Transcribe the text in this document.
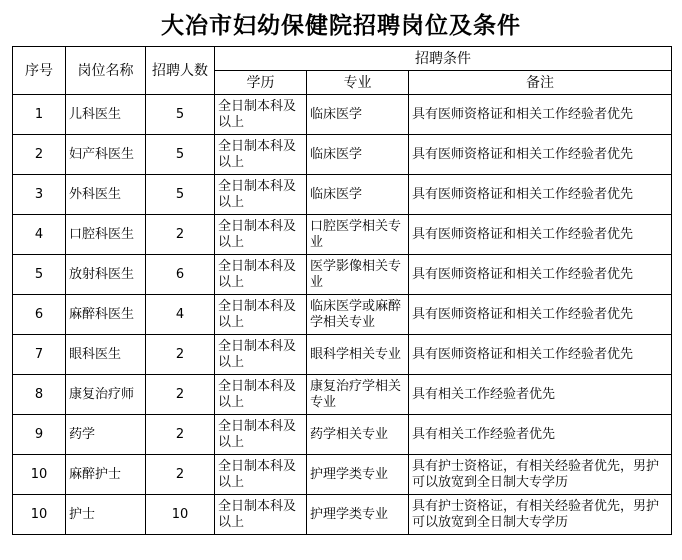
大冶市妇幼保健院招聘岗位及条件
序号	岗位名称	招聘人数	招聘条件		
			学历	专业	备注
1	儿科医生	5	全日制本科及以上	临床医学	具有医师资格证和相关工作经验者优先
2	妇产科医生	5	全日制本科及以上	临床医学	具有医师资格证和相关工作经验者优先
3	外科医生	5	全日制本科及以上	临床医学	具有医师资格证和相关工作经验者优先
4	口腔科医生	2	全日制本科及以上	口腔医学相关专业	具有医师资格证和相关工作经验者优先
5	放射科医生	6	全日制本科及以上	医学影像相关专业	具有医师资格证和相关工作经验者优先
6	麻醉科医生	4	全日制本科及以上	临床医学或麻醉学相关专业	具有医师资格证和相关工作经验者优先
7	眼科医生	2	全日制本科及以上	眼科学相关专业	具有医师资格证和相关工作经验者优先
8	康复治疗师	2	全日制本科及以上	康复治疗学相关专业	具有相关工作经验者优先
9	药学	2	全日制本科及以上	药学相关专业	具有相关工作经验者优先
10	麻醉护士	2	全日制本科及以上	护理学类专业	具有护士资格证，有相关经验者优先，男护可以放宽到全日制大专学历
10	护士	10	全日制本科及以上	护理学类专业	具有护士资格证，有相关经验者优先，男护可以放宽到全日制大专学历
